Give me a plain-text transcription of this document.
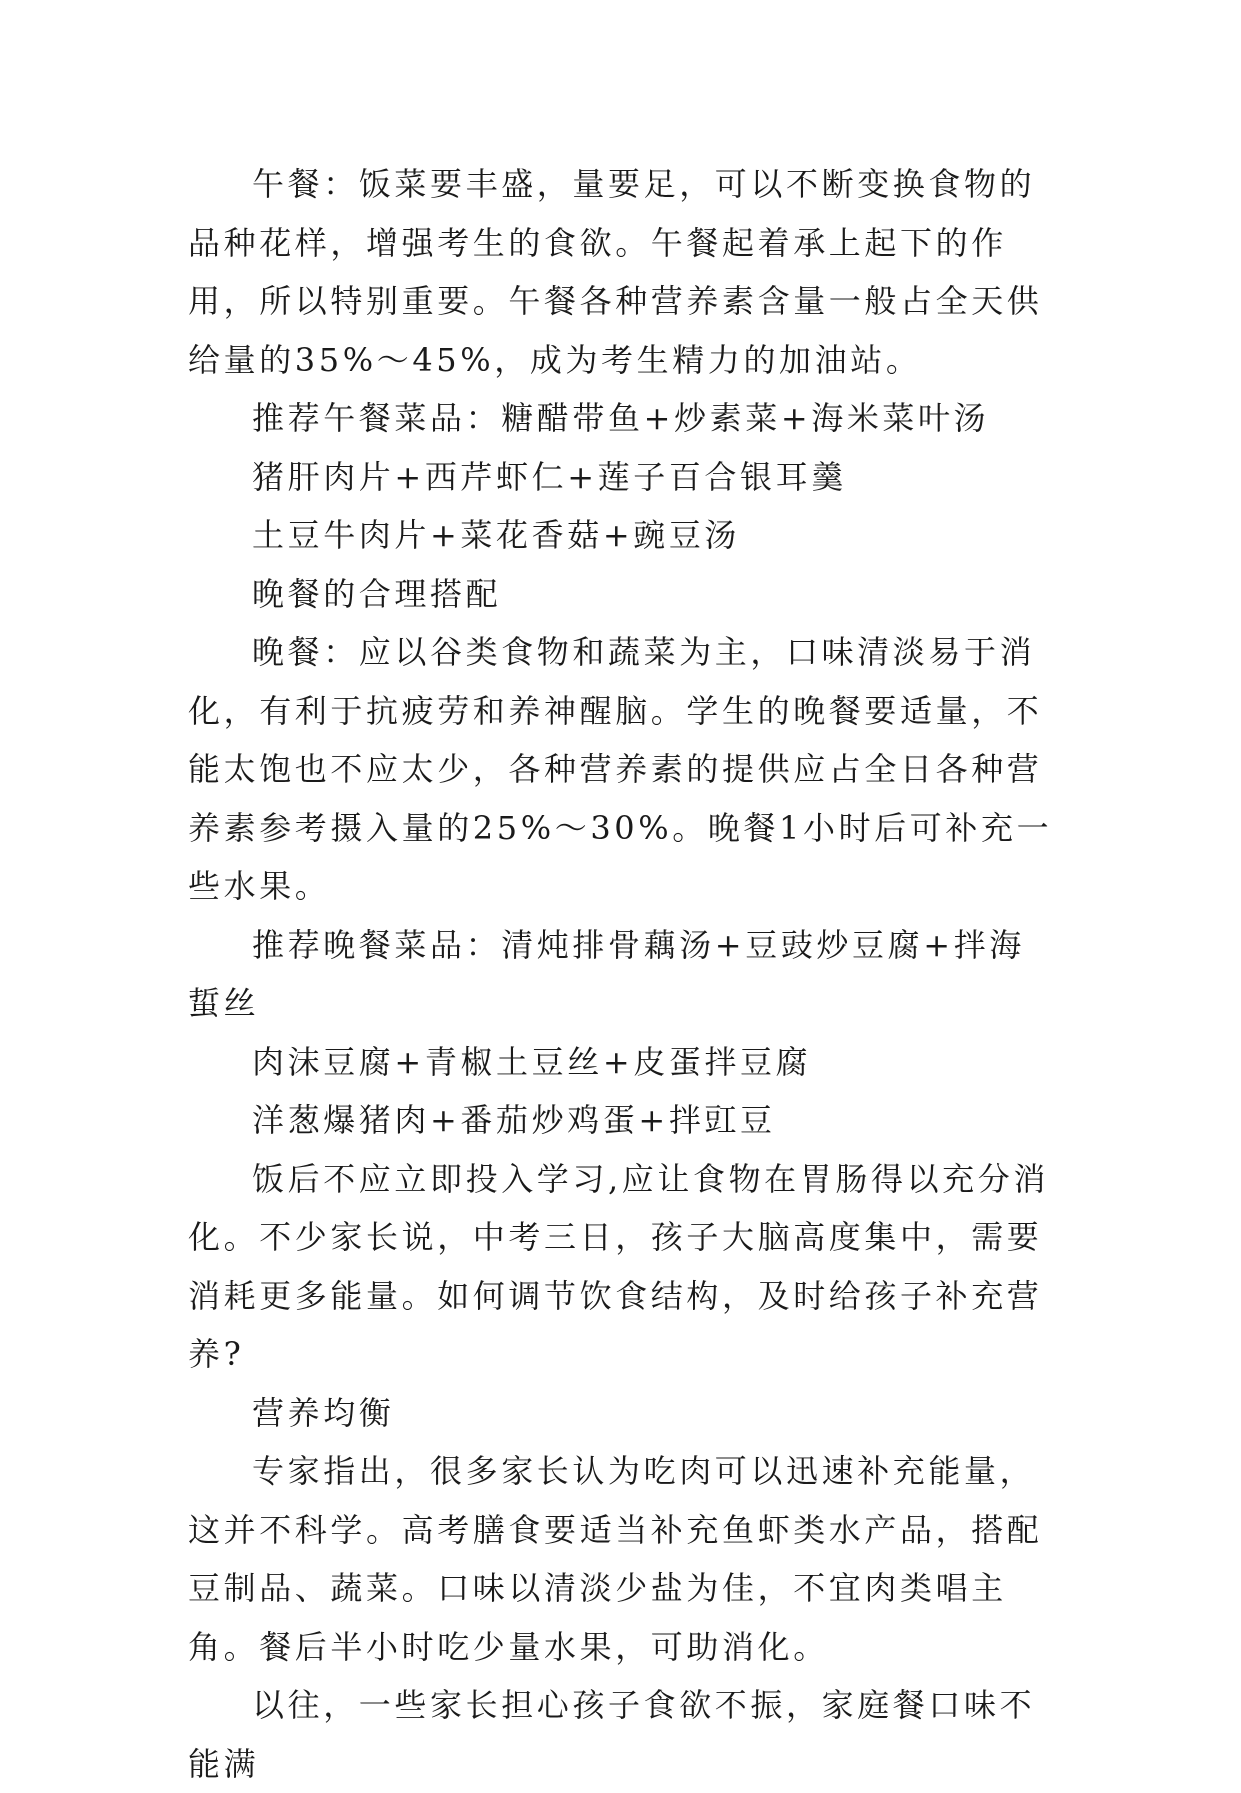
午餐：饭菜要丰盛，量要足，可以不断变换食物的品种花样，增强考生的食欲。午餐起着承上起下的作用，所以特别重要。午餐各种营养素含量一般占全天供给量的35%～45%，成为考生精力的加油站。

推荐午餐菜品：糖醋带鱼+炒素菜+海米菜叶汤

猪肝肉片+西芹虾仁+莲子百合银耳羹

土豆牛肉片+菜花香菇+豌豆汤

晚餐的合理搭配

晚餐：应以谷类食物和蔬菜为主，口味清淡易于消化，有利于抗疲劳和养神醒脑。学生的晚餐要适量，不能太饱也不应太少，各种营养素的提供应占全日各种营养素参考摄入量的25%～30%。晚餐1小时后可补充一些水果。

推荐晚餐菜品：清炖排骨藕汤+豆豉炒豆腐+拌海蜇丝

肉沫豆腐+青椒土豆丝+皮蛋拌豆腐

洋葱爆猪肉+番茄炒鸡蛋+拌豇豆

饭后不应立即投入学习,应让食物在胃肠得以充分消化。不少家长说，中考三日，孩子大脑高度集中，需要消耗更多能量。如何调节饮食结构，及时给孩子补充营养?

营养均衡

专家指出，很多家长认为吃肉可以迅速补充能量，这并不科学。高考膳食要适当补充鱼虾类水产品，搭配豆制品、蔬菜。口味以清淡少盐为佳，不宜肉类唱主角。餐后半小时吃少量水果，可助消化。

以往，一些家长担心孩子食欲不振，家庭餐口味不能满
